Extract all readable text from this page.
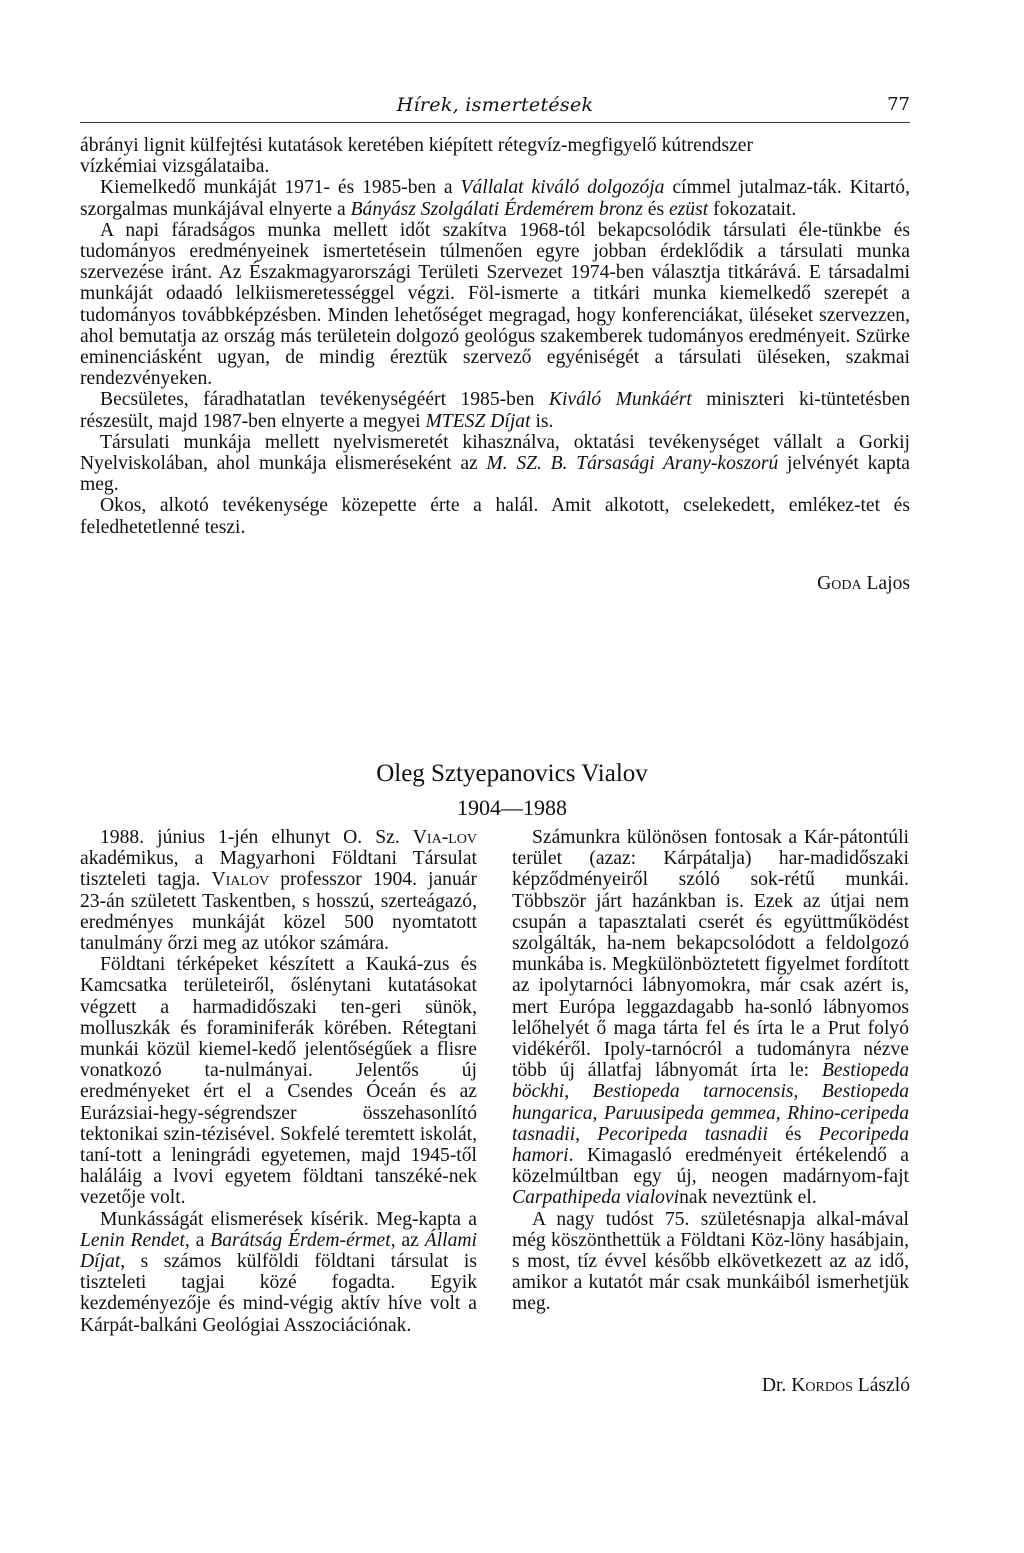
Hírek, ismertetések	77

ábrányi lignit külfejtési kutatások keretében kiépített rétegvíz-megfigyelő kútrendszer
vízkémiai vizsgálataiba.

Kiemelkedő munkáját 1971- és 1985-ben a Vállalat kiváló dolgozója címmel jutalmaz-ták. Kitartó, szorgalmas munkájával elnyerte a Bányász Szolgálati Érdemérem bronz és ezüst fokozatait.

A napi fáradságos munka mellett időt szakítva 1968-tól bekapcsolódik társulati éle-tünkbe és tudományos eredményeinek ismertetésein túlmenően egyre jobban érdeklődik a társulati munka szervezése iránt. Az Északmagyarországi Területi Szervezet 1974-ben választja titkárává. E társadalmi munkáját odaadó lelkiismeretességgel végzi. Föl-ismerte a titkári munka kiemelkedő szerepét a tudományos továbbképzésben. Minden lehetőséget megragad, hogy konferenciákat, üléseket szervezzen, ahol bemutatja az ország más területein dolgozó geológus szakemberek tudományos eredményeit. Szürke eminenciásként ugyan, de mindig éreztük szervező egyéniségét a társulati üléseken, szakmai rendezvényeken.

Becsületes, fáradhatatlan tevékenységéért 1985-ben Kiváló Munkáért miniszteri ki-tüntetésben részesült, majd 1987-ben elnyerte a megyei MTESZ Díjat is.

Társulati munkája mellett nyelvismeretét kihasználva, oktatási tevékenységet vállalt a Gorkij Nyelviskolában, ahol munkája elismeréseként az M. SZ. B. Társasági Arany-koszorú jelvényét kapta meg.

Okos, alkotó tevékenysége közepette érte a halál. Amit alkotott, cselekedett, emlékez-tet és feledhetetlenné teszi.

Goda Lajos
Oleg Sztyepanovics Vialov
1904—1988

1988. június 1-jén elhunyt O. Sz. Via-lov akadémikus, a Magyarhoni Földtani Társulat tiszteleti tagja. Vialov professzor 1904. január 23-án született Taskentben, s hosszú, szerteágazó, eredményes munkáját közel 500 nyomtatott tanulmány őrzi meg az utókor számára.

Földtani térképeket készített a Kauká-zus és Kamcsatka területeiről, őslénytani kutatásokat végzett a harmadidőszaki ten-geri sünök, molluszkák és foraminiferák körében. Rétegtani munkái közül kiemel-kedő jelentőségűek a flisre vonatkozó ta-nulmányai. Jelentős új eredményeket ért el a Csendes Óceán és az Eurázsiai-hegy-ségrendszer összehasonlító tektonikai szin-tézisével. Sokfelé teremtett iskolát, taní-tott a leningrádi egyetemen, majd 1945-től haláláig a lvovi egyetem földtani tanszéké-nek vezetője volt.

Munkásságát elismerések kísérik. Meg-kapta a Lenin Rendet, a Barátság Érdem-érmet, az Állami Díjat, s számos külföldi földtani társulat is tiszteleti tagjai közé fogadta. Egyik kezdeményezője és mind-végig aktív híve volt a Kárpát-balkáni Geológiai Asszociációnak.

Számunkra különösen fontosak a Kár-pátontúli terület (azaz: Kárpátalja) har-madidőszaki képződményeiről szóló sok-rétű munkái. Többször járt hazánkban is. Ezek az útjai nem csupán a tapasztalati cserét és együttműködést szolgálták, ha-nem bekapcsolódott a feldolgozó munkába is. Megkülönböztetett figyelmet fordított az ipolytarnóci lábnyomokra, már csak azért is, mert Európa leggazdagabb ha-sonló lábnyomos lelőhelyét ő maga tárta fel és írta le a Prut folyó vidékéről. Ipoly-tarnócról a tudományra nézve több új állatfaj lábnyomát írta le: Bestiopeda böckhi, Bestiopeda tarnocensis, Bestiopeda hungarica, Paruusipeda gemmea, Rhino-ceripeda tasnadii, Pecoripeda tasnadii és Pecoripeda hamori. Kimagasló eredményeit értékelendő a közelmúltban egy új, neogen madárnyom-fajt Carpathipeda vialovinak neveztünk el.

A nagy tudóst 75. születésnapja alkal-mával még köszönthettük a Földtani Köz-löny hasábjain, s most, tíz évvel később elkövetkezett az az idő, amikor a kutatót már csak munkáiból ismerhetjük meg.

Dr. Kordos László
